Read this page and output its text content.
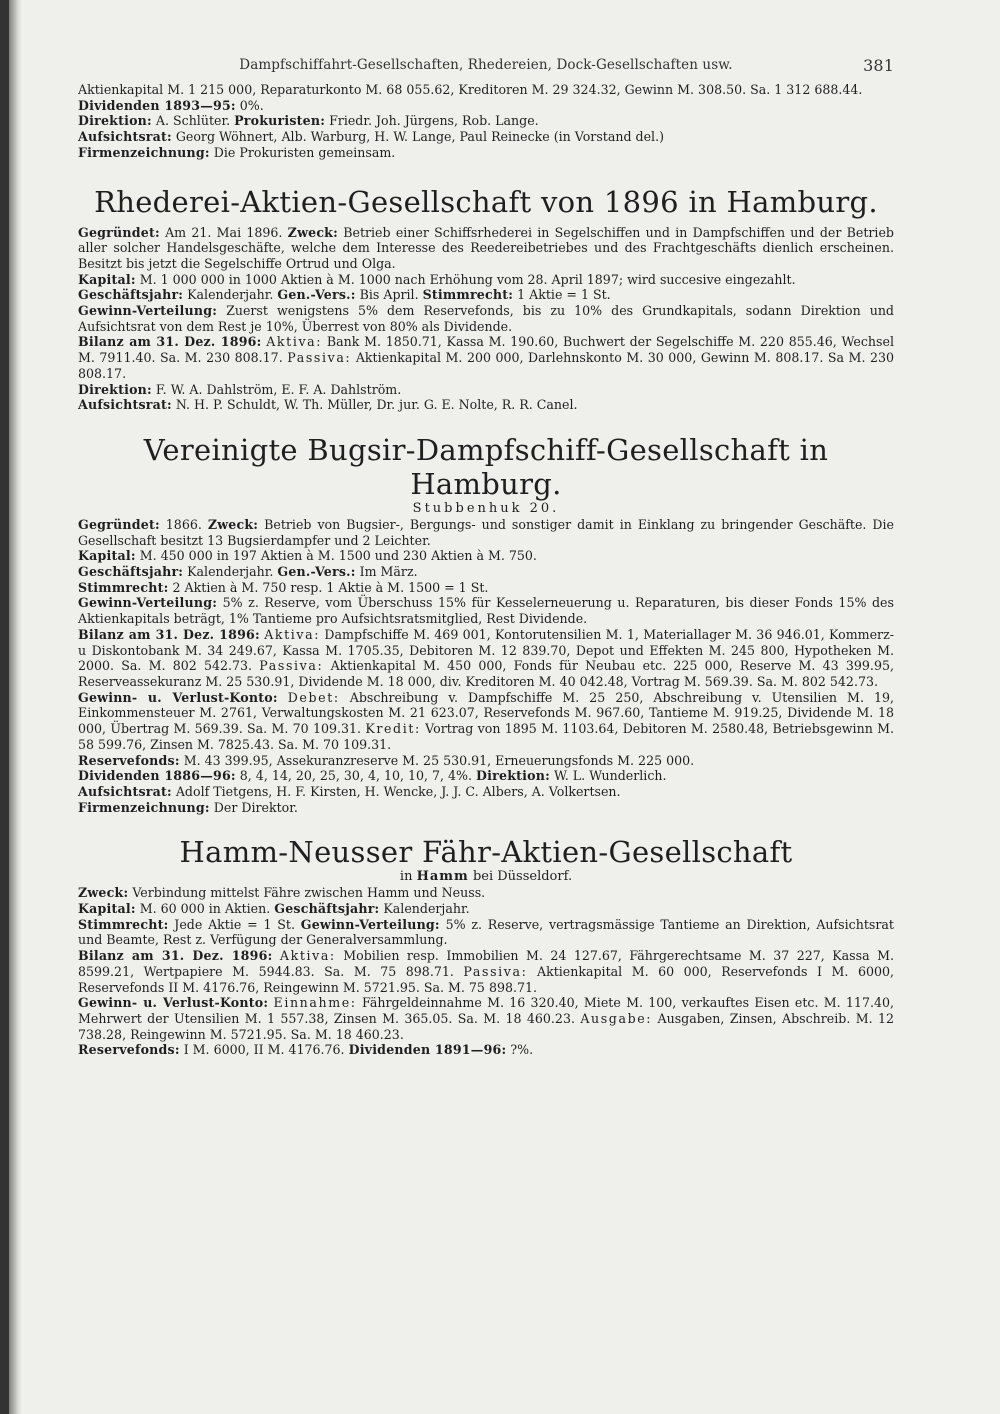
Dampfschiffahrt-Gesellschaften, Rhedereien, Dock-Gesellschaften usw.	381

Aktienkapital M. 1 215 000, Reparaturkonto M. 68 055.62, Kreditoren M. 29 324.32, Gewinn M. 308.50. Sa. 1 312 688.44.

Dividenden 1893—95: 0%.

Direktion: A. Schlüter. Prokuristen: Friedr. Joh. Jürgens, Rob. Lange.

Aufsichtsrat: Georg Wöhnert, Alb. Warburg, H. W. Lange, Paul Reinecke (in Vorstand del.)

Firmenzeichnung: Die Prokuristen gemeinsam.

Rhederei-Aktien-Gesellschaft von 1896 in Hamburg.

Gegründet: Am 21. Mai 1896. Zweck: Betrieb einer Schiffsrhederei in Segelschiffen und in Dampfschiffen und der Betrieb aller solcher Handelsgeschäfte, welche dem Interesse des Reedereibetriebes und des Frachtgeschäfts dienlich erscheinen. Besitzt bis jetzt die Segelschiffe Ortrud und Olga.

Kapital: M. 1 000 000 in 1000 Aktien à M. 1000 nach Erhöhung vom 28. April 1897; wird succesive eingezahlt.

Geschäftsjahr: Kalenderjahr. Gen.-Vers.: Bis April. Stimmrecht: 1 Aktie = 1 St.

Gewinn-Verteilung: Zuerst wenigstens 5% dem Reservefonds, bis zu 10% des Grundkapitals, sodann Direktion und Aufsichtsrat von dem Rest je 10%, Überrest von 80% als Dividende.

Bilanz am 31. Dez. 1896: Aktiva: Bank M. 1850.71, Kassa M. 190.60, Buchwert der Segelschiffe M. 220 855.46, Wechsel M. 7911.40. Sa. M. 230 808.17. Passiva: Aktienkapital M. 200 000, Darlehnskonto M. 30 000, Gewinn M. 808.17. Sa M. 230 808.17.

Direktion: F. W. A. Dahlström, E. F. A. Dahlström.

Aufsichtsrat: N. H. P. Schuldt, W. Th. Müller, Dr. jur. G. E. Nolte, R. R. Canel.

Vereinigte Bugsir-Dampfschiff-Gesellschaft in Hamburg.
Stubbenhuk 20.

Gegründet: 1866. Zweck: Betrieb von Bugsier-, Bergungs- und sonstiger damit in Einklang zu bringender Geschäfte. Die Gesellschaft besitzt 13 Bugsierdampfer und 2 Leichter.

Kapital: M. 450 000 in 197 Aktien à M. 1500 und 230 Aktien à M. 750.

Geschäftsjahr: Kalenderjahr. Gen.-Vers.: Im März.

Stimmrecht: 2 Aktien à M. 750 resp. 1 Aktie à M. 1500 = 1 St.

Gewinn-Verteilung: 5% z. Reserve, vom Überschuss 15% für Kesselerneuerung u. Reparaturen, bis dieser Fonds 15% des Aktienkapitals beträgt, 1% Tantieme pro Aufsichtsratsmitglied, Rest Dividende.

Bilanz am 31. Dez. 1896: Aktiva: Dampfschiffe M. 469 001, Kontorutensilien M. 1, Materiallager M. 36 946.01, Kommerz- u Diskontobank M. 34 249.67, Kassa M. 1705.35, Debitoren M. 12 839.70, Depot und Effekten M. 245 800, Hypotheken M. 2000. Sa. M. 802 542.73. Passiva: Aktienkapital M. 450 000, Fonds für Neubau etc. 225 000, Reserve M. 43 399.95, Reserveassekuranz M. 25 530.91, Dividende M. 18 000, div. Kreditoren M. 40 042.48, Vortrag M. 569.39. Sa. M. 802 542.73.

Gewinn- u. Verlust-Konto: Debet: Abschreibung v. Dampfschiffe M. 25 250, Abschreibung v. Utensilien M. 19, Einkommensteuer M. 2761, Verwaltungskosten M. 21 623.07, Reservefonds M. 967.60, Tantieme M. 919.25, Dividende M. 18 000, Übertrag M. 569.39. Sa. M. 70 109.31. Kredit: Vortrag von 1895 M. 1103.64, Debitoren M. 2580.48, Betriebsgewinn M. 58 599.76, Zinsen M. 7825.43. Sa. M. 70 109.31.

Reservefonds: M. 43 399.95, Assekuranzreserve M. 25 530.91, Erneuerungsfonds M. 225 000.

Dividenden 1886—96: 8, 4, 14, 20, 25, 30, 4, 10, 10, 7, 4%. Direktion: W. L. Wunderlich.

Aufsichtsrat: Adolf Tietgens, H. F. Kirsten, H. Wencke, J. J. C. Albers, A. Volkertsen.

Firmenzeichnung: Der Direktor.

Hamm-Neusser Fähr-Aktien-Gesellschaft
in Hamm bei Düsseldorf.

Zweck: Verbindung mittelst Fähre zwischen Hamm und Neuss.

Kapital: M. 60 000 in Aktien. Geschäftsjahr: Kalenderjahr.

Stimmrecht: Jede Aktie = 1 St. Gewinn-Verteilung: 5% z. Reserve, vertragsmässige Tantieme an Direktion, Aufsichtsrat und Beamte, Rest z. Verfügung der Generalversammlung.

Bilanz am 31. Dez. 1896: Aktiva: Mobilien resp. Immobilien M. 24 127.67, Fährgerechtsame M. 37 227, Kassa M. 8599.21, Wertpapiere M. 5944.83. Sa. M. 75 898.71. Passiva: Aktienkapital M. 60 000, Reservefonds I M. 6000, Reservefonds II M. 4176.76, Reingewinn M. 5721.95. Sa. M. 75 898.71.

Gewinn- u. Verlust-Konto: Einnahme: Fährgeldeinnahme M. 16 320.40, Miete M. 100, verkauftes Eisen etc. M. 117.40, Mehrwert der Utensilien M. 1 557.38, Zinsen M. 365.05. Sa. M. 18 460.23. Ausgabe: Ausgaben, Zinsen, Abschreib. M. 12 738.28, Reingewinn M. 5721.95. Sa. M. 18 460.23.

Reservefonds: I M. 6000, II M. 4176.76. Dividenden 1891—96: ?%.
